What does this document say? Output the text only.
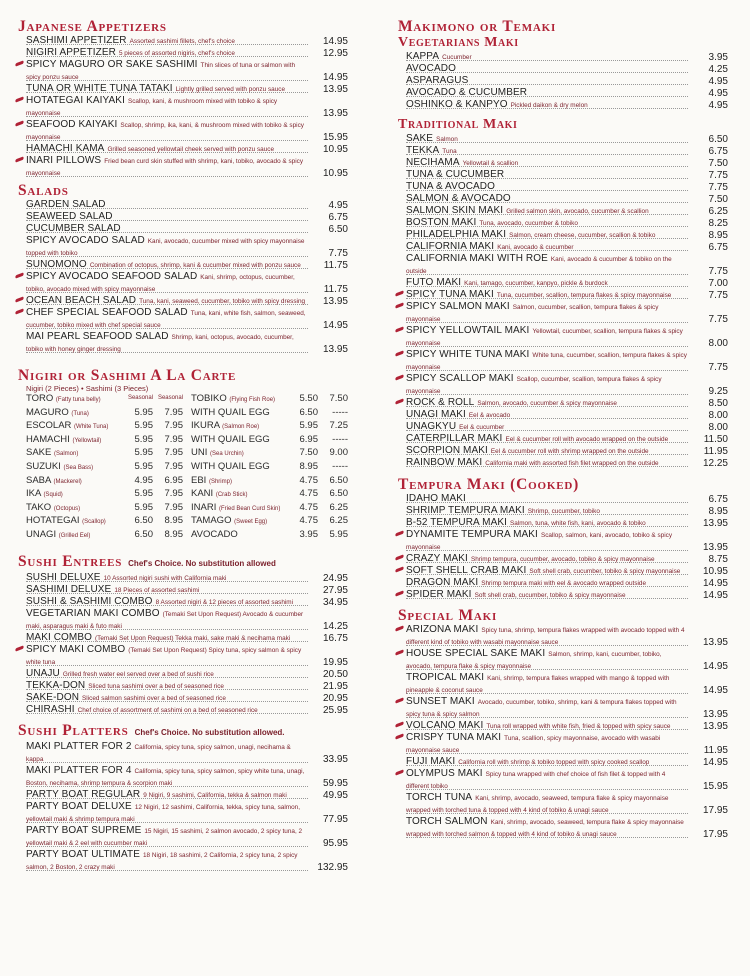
Japanese Appetizers
SASHIMI APPETIZER Assorted sashimi fillets, chef's choice	14.95
NIGIRI APPETIZER 5 pieces of assorted nigiris, chef's choice	12.95
SPICY MAGURO OR SAKE SASHIMI Thin slices of tuna or salmon with spicy ponzu sauce	14.95
TUNA OR WHITE TUNA TATAKI Lightly grilled served with ponzu sauce	13.95
HOTATEGAI KAIYAKI Scallop, kani, & mushroom mixed with tobiko & spicy mayonnaise	13.95
SEAFOOD KAIYAKI Scallop, shrimp, ika, kani, & mushroom mixed with tobiko & spicy mayonnaise	15.95
HAMACHI KAMA Grilled seasoned yellowtail cheek served with ponzu sauce	10.95
INARI PILLOWS Fried bean curd skin stuffed with shrimp, kani, tobiko, avocado & spicy mayonnaise	10.95
Salads
GARDEN SALAD	4.95
SEAWEED SALAD	6.75
CUCUMBER SALAD	6.50
SPICY AVOCADO SALAD Kani, avocado, cucumber mixed with spicy mayonnaise topped with tobiko	7.75
SUNOMONO Combination of octopus, shrimp, kani & cucumber mixed with ponzu sauce 11.75
SPICY AVOCADO SEAFOOD SALAD Kani, shrimp, octopus, cucumber, tobiko, avocado mixed with spicy mayonnaise	11.75
OCEAN BEACH SALAD Tuna, kani, seaweed, cucumber, tobiko with spicy dressing 13.95
CHEF SPECIAL SEAFOOD SALAD Tuna, kani, white fish, salmon, seaweed, cucumber, tobiko mixed with chef special sauce	14.95
MAI PEARL SEAFOOD SALAD Shrimp, kani, octopus, avocado, cucumber, tobiko with honey ginger dressing	13.95
Nigiri or Sashimi A La Carte
Nigiri (2 Pieces) • Sashimi (3 Pieces)
TORO (Fatty tuna belly)	Seasonal Seasonal
MAGURO (Tuna)	5.95	7.95
ESCOLAR (White Tuna)	5.95	7.95
HAMACHI (Yellowtail)	5.95	7.95
SAKE (Salmon)	5.95	7.95
SUZUKI (Sea Bass)	5.95	7.95
SABA (Mackerel)	4.95	6.95
IKA (Squid)	5.95	7.95
TAKO (Octopus)	5.95	7.95
HOTATEGAI (Scallop)	6.50	8.95
UNAGI (Grilled Eel)	6.50	8.95
TOBIKO (Flying Fish Roe)	5.50	7.50
WITH QUAIL EGG	6.50	-----
IKURA (Salmon Roe)	5.95	7.25
WITH QUAIL EGG	6.95	-----
UNI (Sea Urchin)	7.50	9.00
WITH QUAIL EGG	8.95	-----
EBI (Shrimp)	4.75	6.50
KANI (Crab Stick)	4.75	6.50
INARI (Fried Bean Curd Skin)	4.75	6.25
TAMAGO (Sweet Egg)	4.75	6.25
AVOCADO	3.95	5.95
Sushi Entrees Chef's Choice. No substitution allowed
SUSHI DELUXE 10 Assorted nigiri sushi with California maki	24.95
SASHIMI DELUXE 18 Pieces of assorted sashimi	27.95
SUSHI & SASHIMI COMBO 8 Assorted nigiri & 12 pieces of assorted sashimi	34.95
VEGETARIAN MAKI COMBO (Temaki Set Upon Request) Avocado & cucumber maki, asparagus maki & futo maki	14.25
MAKI COMBO (Temaki Set Upon Request) Tekka maki, sake maki & necihama maki	16.75
SPICY MAKI COMBO (Temaki Set Upon Request) Spicy tuna, spicy salmon & spicy white tuna	19.95
UNAJU Grilled fresh water eel served over a bed of sushi rice	20.50
TEKKA-DON Sliced tuna sashimi over a bed of seasoned rice	21.95
SAKE-DON Sliced salmon sashimi over a bed of seasoned rice	20.95
CHIRASHI Chef choice of assortment of sashimi on a bed of seasoned rice	25.95
Sushi Platters Chef's Choice. No substitution allowed.
MAKI PLATTER FOR 2 California, spicy tuna, spicy salmon, unagi, necihama & kappa	33.95
MAKI PLATTER FOR 4 California, spicy tuna, spicy salmon, spicy white tuna, unagi, Boston, necihama, shrimp tempura & scorpion maki	59.95
PARTY BOAT REGULAR 9 Nigiri, 9 sashimi, California, tekka & salmon maki	49.95
PARTY BOAT DELUXE 12 Nigiri, 12 sashimi, California, tekka, spicy tuna, salmon, yellowtail maki & shrimp tempura maki	77.95
PARTY BOAT SUPREME 15 Nigiri, 15 sashimi, 2 salmon avocado, 2 spicy tuna, 2 yellowtail maki & 2 eel with cucumber maki	95.95
PARTY BOAT ULTIMATE 18 Nigiri, 18 sashimi, 2 California, 2 spicy tuna, 2 spicy salmon, 2 Boston, 2 crazy maki	132.95
Makimono or Temaki
Vegetarians Maki
KAPPA Cucumber	3.95
AVOCADO	4.25
ASPARAGUS	4.95
AVOCADO & CUCUMBER	4.95
OSHINKO & KANPYO Pickled daikon & dry melon	4.95
Traditional Maki
SAKE Salmon	6.50
TEKKA Tuna	6.75
NECIHAMA Yellowtail & scallion	7.50
TUNA & CUCUMBER	7.75
TUNA & AVOCADO	7.75
SALMON & AVOCADO	7.50
SALMON SKIN MAKI Grilled salmon skin, avocado, cucumber & scallion	6.25
BOSTON MAKI Tuna, avocado, cucumber & tobiko	8.25
PHILADELPHIA MAKI Salmon, cream cheese, cucumber, scallion & tobiko	8.95
CALIFORNIA MAKI Kani, avocado & cucumber	6.75
CALIFORNIA MAKI WITH ROE Kani, avocado & cucumber & tobiko on the outside	7.75
FUTO MAKI Kani, tamago, cucumber, kanpyo, pickle & burdock	7.00
SPICY TUNA MAKI Tuna, cucumber, scallion, tempura flakes & spicy mayonnaise	7.75
SPICY SALMON MAKI Salmon, cucumber, scallion, tempura flakes & spicy mayonnaise	7.75
SPICY YELLOWTAIL MAKI Yellowtail, cucumber, scallion, tempura flakes & spicy mayonnaise	8.00
SPICY WHITE TUNA MAKI White tuna, cucumber, scallion, tempura flakes & spicy mayonnaise	7.75
SPICY SCALLOP MAKI Scallop, cucumber, scallion, tempura flakes & spicy mayonnaise	9.25
ROCK & ROLL Salmon, avocado, cucumber & spicy mayonnaise	8.50
UNAGI MAKI Eel & avocado	8.00
UNAGKYU Eel & cucumber	8.00
CATERPILLAR MAKI Eel & cucumber roll with avocado wrapped on the outside	11.50
SCORPION MAKI Eel & cucumber roll with shrimp wrapped on the outside	11.95
RAINBOW MAKI California maki with assorted fish filet wrapped on the outside	12.25
Tempura Maki (Cooked)
IDAHO MAKI	6.75
SHRIMP TEMPURA MAKI Shrimp, cucumber, tobiko	8.95
B-52 TEMPURA MAKI Salmon, tuna, white fish, kani, avocado & tobiko	13.95
DYNAMITE TEMPURA MAKI Scallop, salmon, kani, avocado, tobiko & spicy mayonnaise	13.95
CRAZY MAKI Shrimp tempura, cucumber, avocado, tobiko & spicy mayonnaise	8.75
SOFT SHELL CRAB MAKI Soft shell crab, cucumber, tobiko & spicy mayonnaise 10.95
DRAGON MAKI Shrimp tempura maki with eel & avocado wrapped outside	14.95
SPIDER MAKI Soft shell crab, cucumber, tobiko & spicy mayonnaise	14.95
Special Maki
ARIZONA MAKI Spicy tuna, shrimp, tempura flakes wrapped with avocado topped with 4 different kind of tobiko with wasabi mayonnaise sauce	13.95
HOUSE SPECIAL SAKE MAKI Salmon, shrimp, kani, cucumber, tobiko, avocado, tempura flake & spicy mayonnaise	14.95
TROPICAL MAKI Kani, shrimp, tempura flakes wrapped with mango & topped with pineapple & coconut sauce	14.95
SUNSET MAKI Avocado, cucumber, tobiko, shrimp, kani & tempura flakes topped with spicy tuna & spicy salmon	13.95
VOLCANO MAKI Tuna roll wrapped with white fish, fried & topped with spicy sauce	13.95
CRISPY TUNA MAKI Tuna, scallion, spicy mayonnaise, avocado with wasabi mayonnaise sauce	11.95
FUJI MAKI California roll with shrimp & tobiko topped with spicy cooked scallop	14.95
OLYMPUS MAKI Spicy tuna wrapped with chef choice of fish filet & topped with 4 different tobiko	15.95
TORCH TUNA Kani, shrimp, avocado, seaweed, tempura flake & spicy mayonnaise wrapped with torched tuna & topped with 4 kind of tobiko & unagi sauce	17.95
TORCH SALMON Kani, shrimp, avocado, seaweed, tempura flake & spicy mayonnaise wrapped with torched salmon & topped with 4 kind of tobiko & unagi sauce	17.95
